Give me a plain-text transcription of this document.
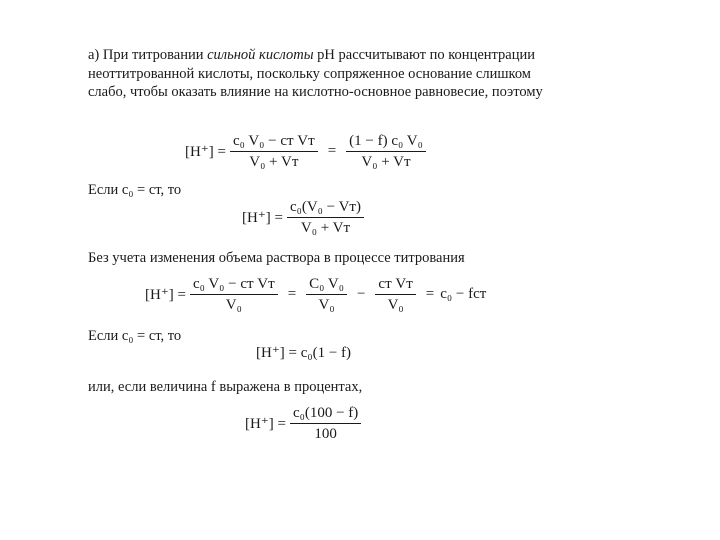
а) При титровании сильной кислоты pH рассчитывают по концентрации неоттитрованной кислоты, поскольку сопряженное основание слишком слабо, чтобы оказать влияние на кислотно-основное равновесие, поэтому
$[H^+] = \frac{\text{c₀ V₀ − cт Vт}}{\text{V₀ + Vт}} = \frac{\text{(1 − f) c₀ V₀}}{\text{V₀ + Vт}}$
Если c₀ = cт, то
$[H^+] = \frac{\text{c₀(V₀ − Vт)}}{\text{V₀ + Vт}}$
Без учета изменения объема раствора в процессе титрования
$[H^+] = \frac{\text{c₀ V₀ − cт Vт}}{\text{V₀}} = \frac{\text{C₀ V₀}}{\text{V₀}} - \frac{\text{cт Vт}}{\text{V₀}} = c_0$ − fcт
Если c₀ = cт, то
[H⁺] = c₀(1 − f)
или, если величина f выражена в процентах,
$[H^+] = \frac{\text{c₀(100 − f)}}{100}$
